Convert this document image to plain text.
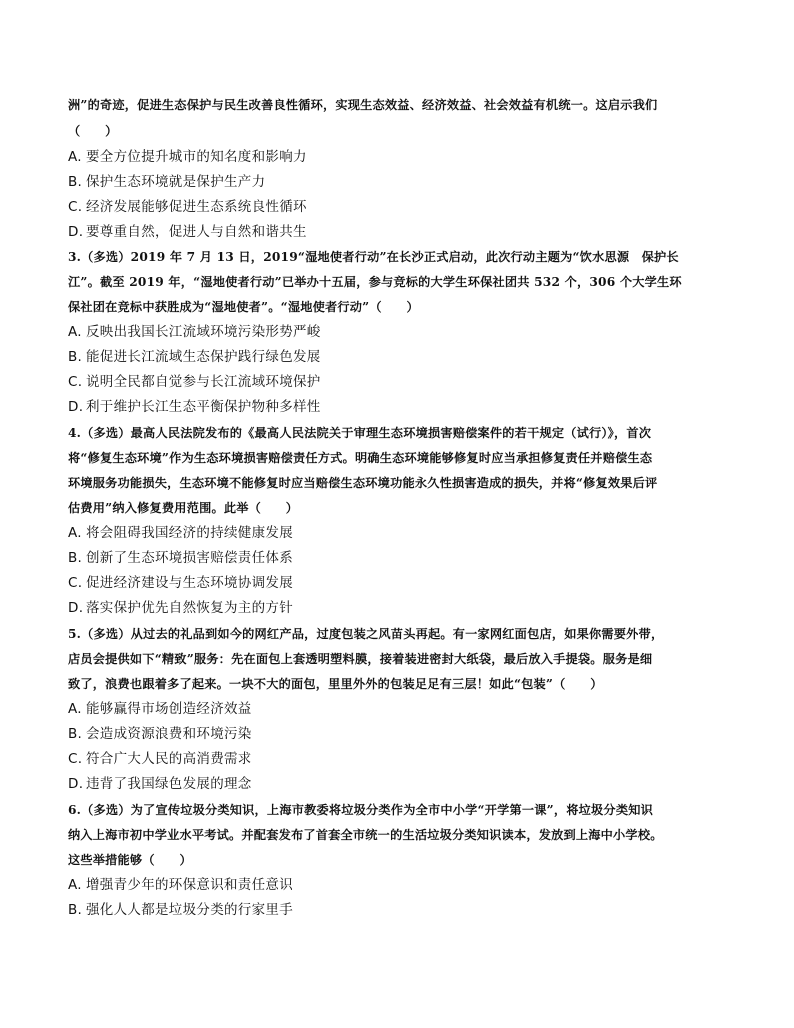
洲”的奇迹，促进生态保护与民生改善良性循环，实现生态效益、经济效益、社会效益有机统一。这启示我们
（　　）
A. 要全方位提升城市的知名度和影响力
B. 保护生态环境就是保护生产力
C. 经济发展能够促进生态系统良性循环
D. 要尊重自然，促进人与自然和谐共生
3.（多选）2019 年 7 月 13 日，2019“湿地使者行动”在长沙正式启动，此次行动主题为“饮水思源　保护长
江”。截至 2019 年，“湿地使者行动”已举办十五届，参与竞标的大学生环保社团共 532 个，306 个大学生环
保社团在竞标中获胜成为“湿地使者”。“湿地使者行动”（　　）
A. 反映出我国长江流域环境污染形势严峻
B. 能促进长江流域生态保护践行绿色发展
C. 说明全民都自觉参与长江流域环境保护
D. 利于维护长江生态平衡保护物种多样性
4.（多选）最高人民法院发布的《最高人民法院关于审理生态环境损害赔偿案件的若干规定（试行）》，首次
将“修复生态环境”作为生态环境损害赔偿责任方式。明确生态环境能够修复时应当承担修复责任并赔偿生态
环境服务功能损失，生态环境不能修复时应当赔偿生态环境功能永久性损害造成的损失，并将“修复效果后评
估费用”纳入修复费用范围。此举（　　）
A. 将会阻碍我国经济的持续健康发展
B. 创新了生态环境损害赔偿责任体系
C. 促进经济建设与生态环境协调发展
D. 落实保护优先自然恢复为主的方针
5.（多选）从过去的礼品到如今的网红产品，过度包装之风苗头再起。有一家网红面包店，如果你需要外带，
店员会提供如下“精致”服务：先在面包上套透明塑料膜，接着装进密封大纸袋，最后放入手提袋。服务是细
致了，浪费也跟着多了起来。一块不大的面包，里里外外的包装足足有三层！如此“包装”（　　）
A. 能够赢得市场创造经济效益
B. 会造成资源浪费和环境污染
C. 符合广大人民的高消费需求
D. 违背了我国绿色发展的理念
6.（多选）为了宣传垃圾分类知识，上海市教委将垃圾分类作为全市中小学“开学第一课”，将垃圾分类知识
纳入上海市初中学业水平考试。并配套发布了首套全市统一的生活垃圾分类知识读本，发放到上海中小学校。
这些举措能够（　　）
A. 增强青少年的环保意识和责任意识
B. 强化人人都是垃圾分类的行家里手
